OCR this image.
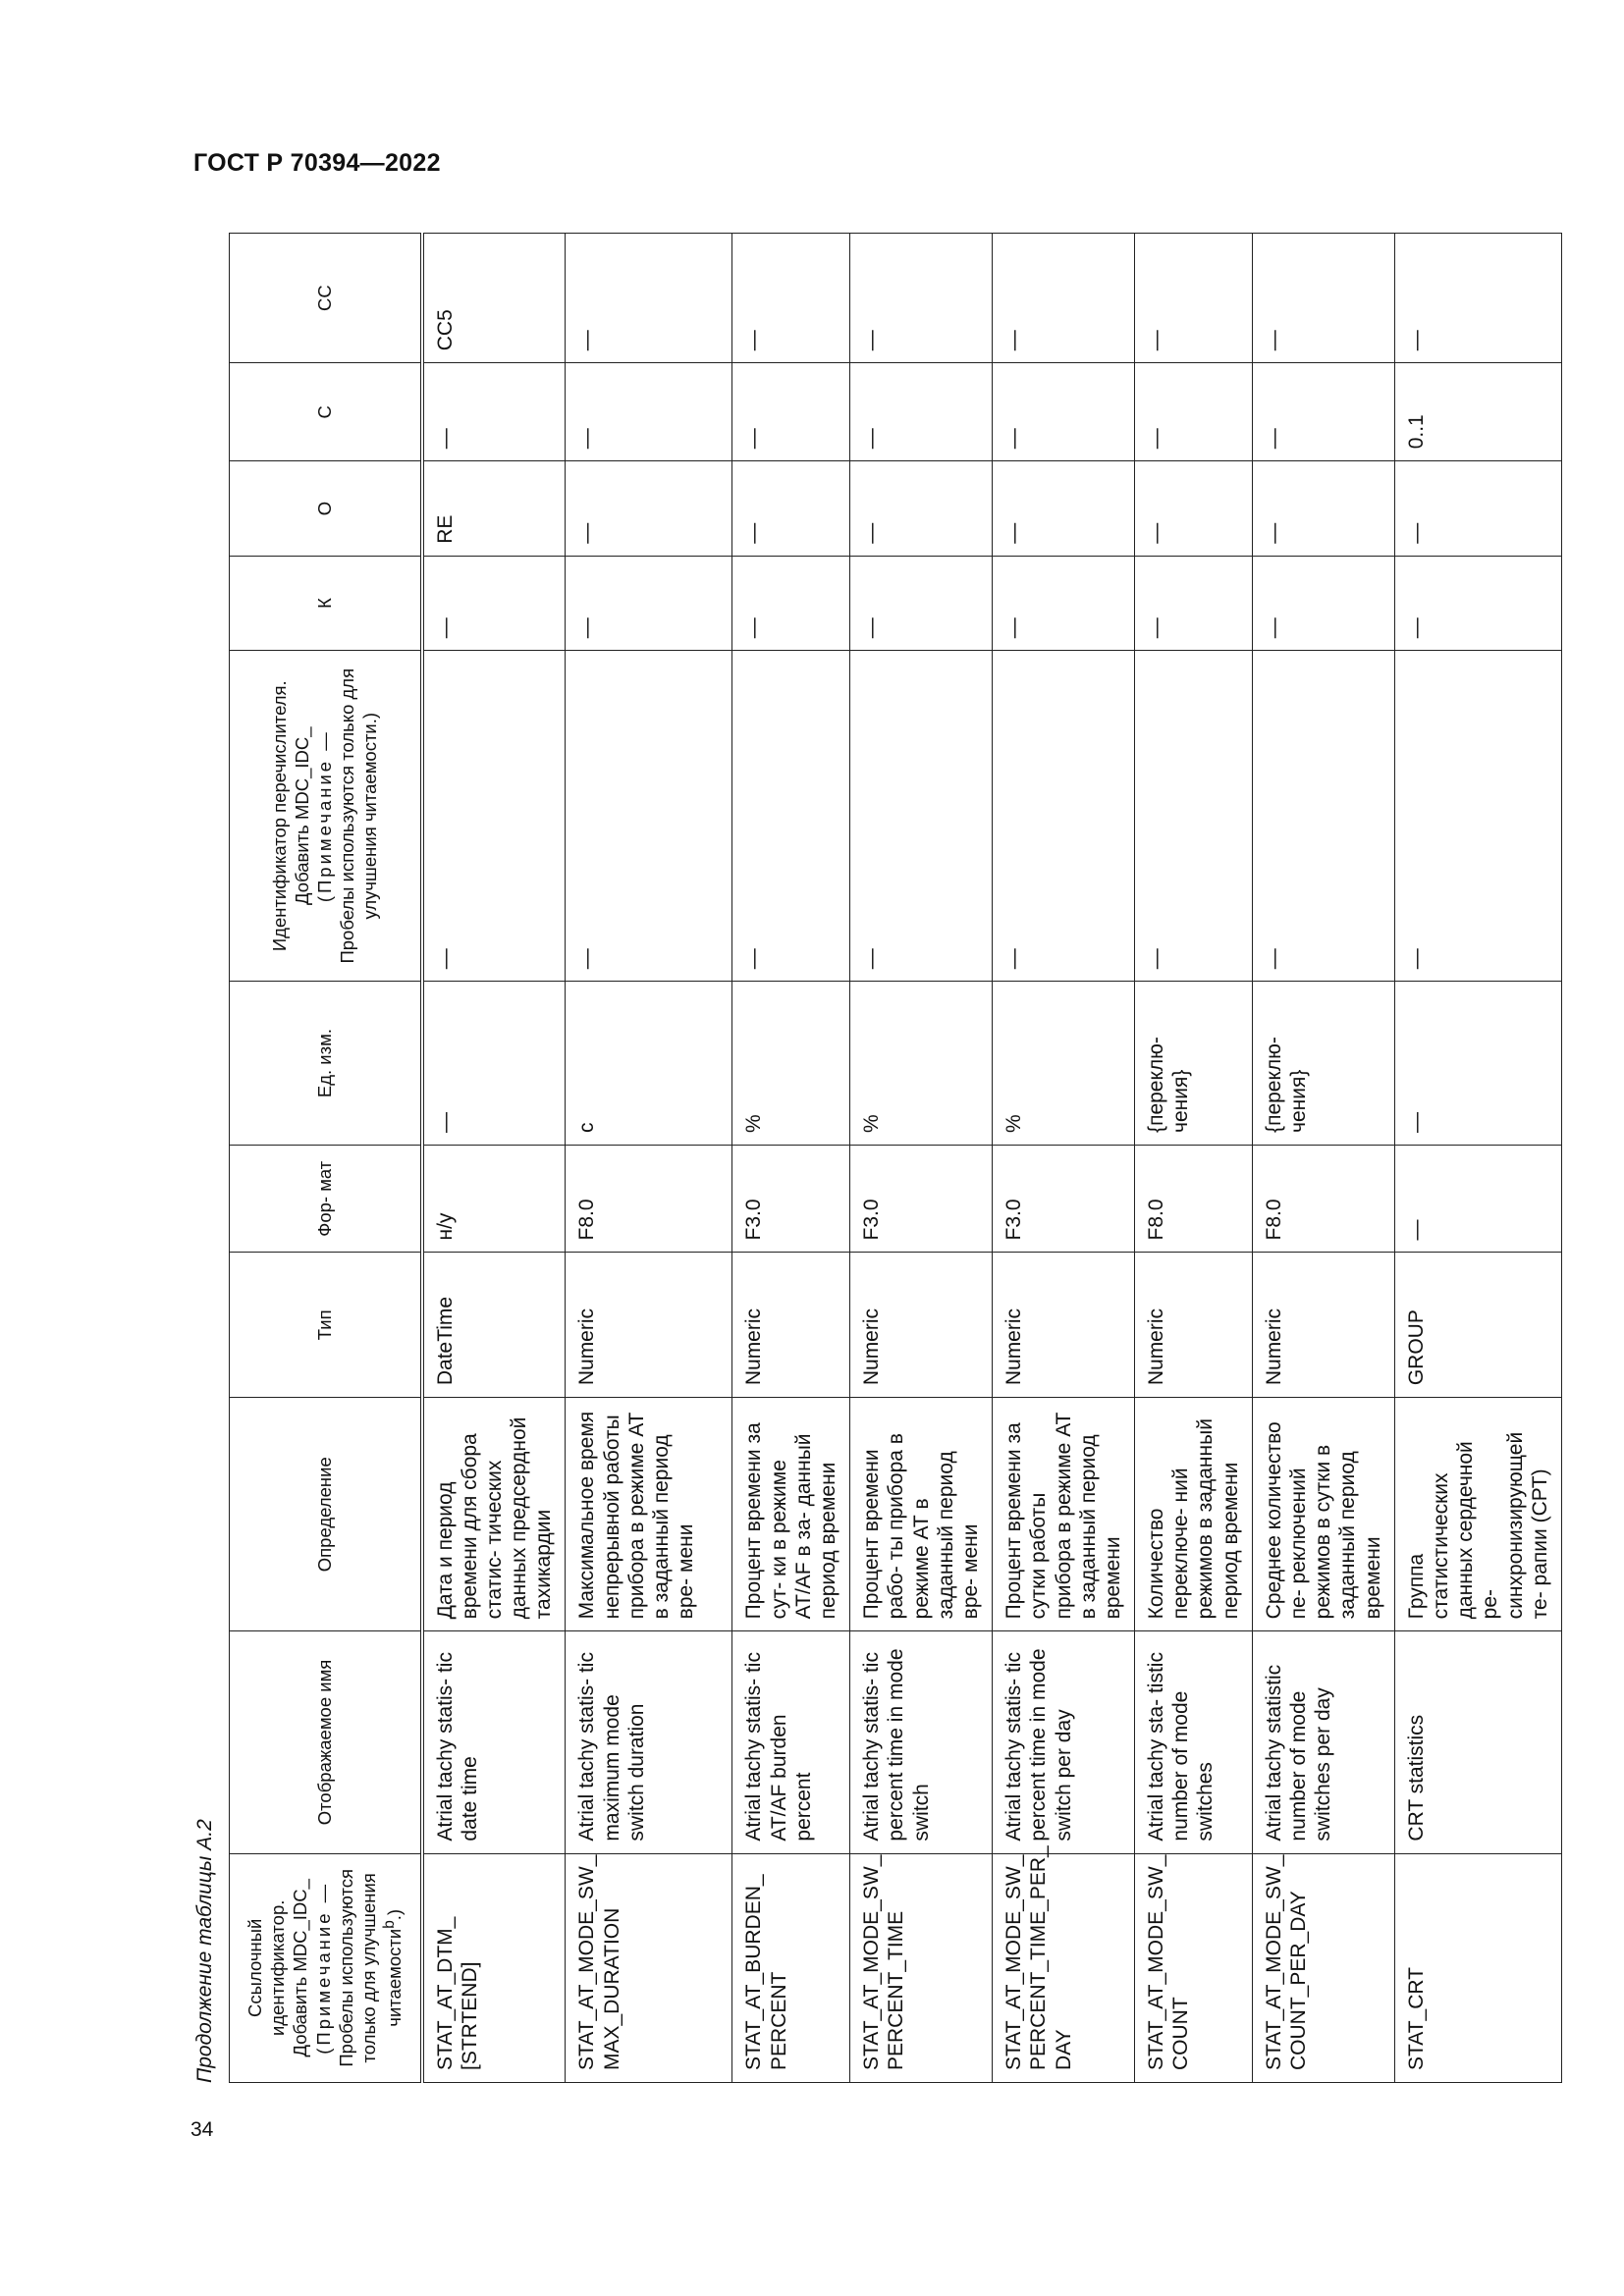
ГОСТ Р 70394—2022
Продолжение таблицы А.2 Ссылочный идентификатор. Добавить MDC_IDC_ (Примечание — Пробелы используются только для улучшения читаемости$^b$.)	Отображаемое имя	Определение	Тип	Фор- мат	Ед. изм.	Идентификатор перечислителя. Добавить MDC_IDC_ (Примечание — Пробелы используются только для улучшения читаемости.)	К	О	С	СС
STAT_AT_DTM_ [STRTEND]	Atrial tachy statis- tic date time	Дата и период времени для сбора статис- тических данных предсердной тахикардии	DateTime	н/у	—	—	—	RE	—	CC5
STAT_AT_MODE_SW_ MAX_DURATION	Atrial tachy statis- tic maximum mode switch duration	Максимальное время непрерывной работы прибора в режиме АТ в заданный период вре- мени	Numeric	F8.0	с	—	—	—	—	—
STAT_AT_BURDEN_ PERCENT	Atrial tachy statis- tic AT/AF burden percent	Процент времени за сут- ки в режиме AT/AF в за- данный период времени	Numeric	F3.0	%	—	—	—	—	—
STAT_AT_MODE_SW_ PERCENT_TIME	Atrial tachy statis- tic percent time in mode switch	Процент времени рабо- ты прибора в режиме АТ в заданный период вре- мени	Numeric	F3.0	%	—	—	—	—	—
STAT_AT_MODE_SW_ PERCENT_TIME_PER_ DAY	Atrial tachy statis- tic percent time in mode switch per day	Процент времени за сутки работы прибора в режиме АТ в заданный период времени	Numeric	F3.0	%	—	—	—	—	—
STAT_AT_MODE_SW_ COUNT	Atrial tachy sta- tistic number of mode switches	Количество переключе- ний режимов в заданный период времени	Numeric	F8.0	{переклю- чения}	—	—	—	—	—
STAT_AT_MODE_SW_ COUNT_PER_DAY	Atrial tachy statistic number of mode switches per day	Среднее количество пе- реключений режимов в сутки в заданный период времени	Numeric	F8.0	{переклю- чения}	—	—	—	—	—
STAT_CRT	CRT statistics	Группа статистических данных сердечной ре- синхронизирующей те- рапии (СРТ)	GROUP	—	—	—	—	—	0..1	—
34
